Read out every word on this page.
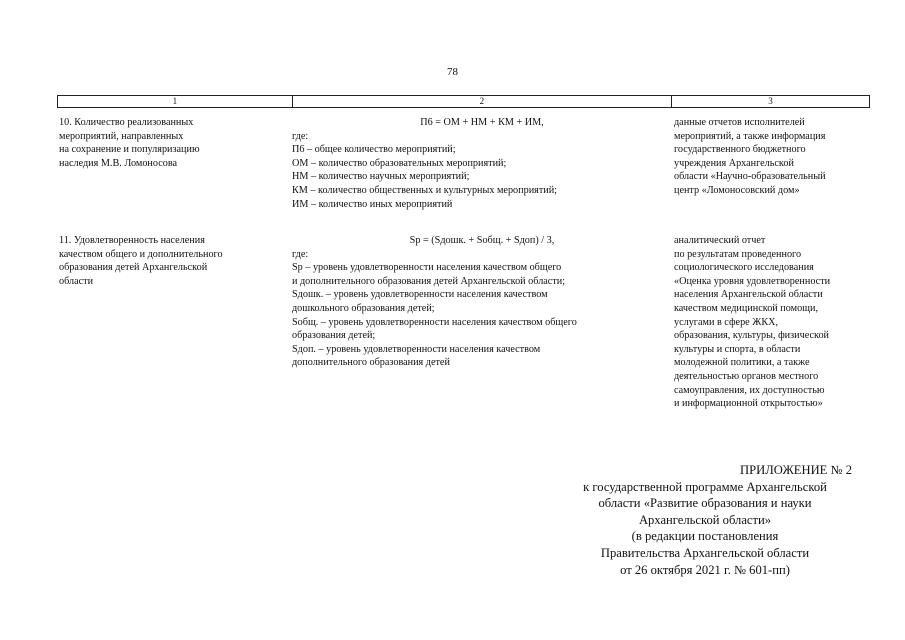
78
1	2	3
10. Количество реализованных
мероприятий, направленных
на сохранение и популяризацию
наследия М.В. Ломоносова
П6 = ОМ + НМ + КМ + ИМ,
где:
П6 – общее количество мероприятий;
ОМ – количество образовательных мероприятий;
НМ – количество научных мероприятий;
КМ – количество общественных и культурных мероприятий;
ИМ – количество иных мероприятий
данные отчетов исполнителей
мероприятий, а также информация
государственного бюджетного
учреждения Архангельской
области «Научно-образовательный
центр «Ломоносовский дом»
11. Удовлетворенность населения
качеством общего и дополнительного
образования детей Архангельской
области
Sp = (Sдошк. + Sобщ. + Sдоп) / 3,
где:
Sp – уровень удовлетворенности населения качеством общего
и дополнительного образования детей Архангельской области;
Sдошк. – уровень удовлетворенности населения качеством
дошкольного образования детей;
Sобщ. – уровень удовлетворенности населения качеством общего
образования детей;
Sдоп. – уровень удовлетворенности населения качеством
дополнительного образования детей
аналитический отчет
по результатам проведенного
социологического исследования
«Оценка уровня удовлетворенности
населения Архангельской области
качеством медицинской помощи,
услугами в сфере ЖКХ,
образования, культуры, физической
культуры и спорта, в области
молодежной политики, а также
деятельностью органов местного
самоуправления, их доступностью
и информационной открытостью»
ПРИЛОЖЕНИЕ № 2
к государственной программе Архангельской
области «Развитие образования и науки
Архангельской области»
(в редакции постановления
Правительства Архангельской области
от 26 октября 2021 г. № 601-пп)
